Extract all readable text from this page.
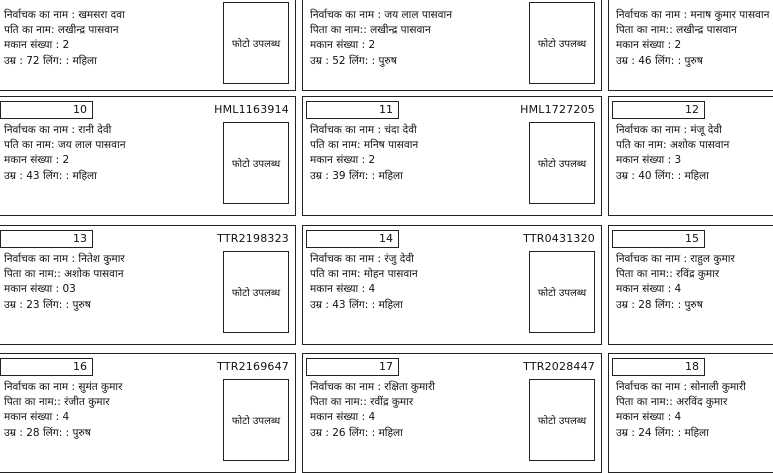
निर्वाचक का नाम : खमसरा दवा
पति का नाम: लखीन्द्र पासवान
मकान संख्या : 2
उम्र : 72 लिंग: : महिला
फोटो उपलब्ध
निर्वाचक का नाम : जय लाल पासवान
पिता का नाम:: लखीन्द्र पासवान
मकान संख्या : 2
उम्र : 52 लिंग: : पुरुष
फोटो उपलब्ध
निर्वाचक का नाम : मनाष कुमार पासवान
पिता का नाम:: लखीन्द्र पासवान
मकान संख्या : 2
उम्र : 46 लिंग: : पुरुष
10	HML1163914
निर्वाचक का नाम : रानी देवी
पति का नाम: जय लाल पासवान
मकान संख्या : 2
उम्र : 43 लिंग: : महिला
फोटो उपलब्ध
11	HML1727205
निर्वाचक का नाम : चंदा देवी
पति का नाम: मनिष पासवान
मकान संख्या : 2
उम्र : 39 लिंग: : महिला
फोटो उपलब्ध
12
निर्वाचक का नाम : मंजू देवी
पति का नाम: अशोक पासवान
मकान संख्या : 3
उम्र : 40 लिंग: : महिला
13	TTR2198323
निर्वाचक का नाम : नितेश कुमार
पिता का नाम:: अशोक पासवान
मकान संख्या : 03
उम्र : 23 लिंग: : पुरुष
फोटो उपलब्ध
14	TTR0431320
निर्वाचक का नाम : रंजु देवी
पति का नाम: मोहन पासवान
मकान संख्या : 4
उम्र : 43 लिंग: : महिला
फोटो उपलब्ध
15
निर्वाचक का नाम : राहुल कुमार
पिता का नाम:: रविंद्र कुमार
मकान संख्या : 4
उम्र : 28 लिंग: : पुरुष
16	TTR2169647
निर्वाचक का नाम : सुमंत कुमार
पिता का नाम:: रंजीत कुमार
मकान संख्या : 4
उम्र : 28 लिंग: : पुरुष
फोटो उपलब्ध
17	TTR2028447
निर्वाचक का नाम : रक्षिता कुमारी
पिता का नाम:: रवींद्र कुमार
मकान संख्या : 4
उम्र : 26 लिंग: : महिला
फोटो उपलब्ध
18
निर्वाचक का नाम : सोनाली कुमारी
पिता का नाम:: अरविंद कुमार
मकान संख्या : 4
उम्र : 24 लिंग: : महिला
